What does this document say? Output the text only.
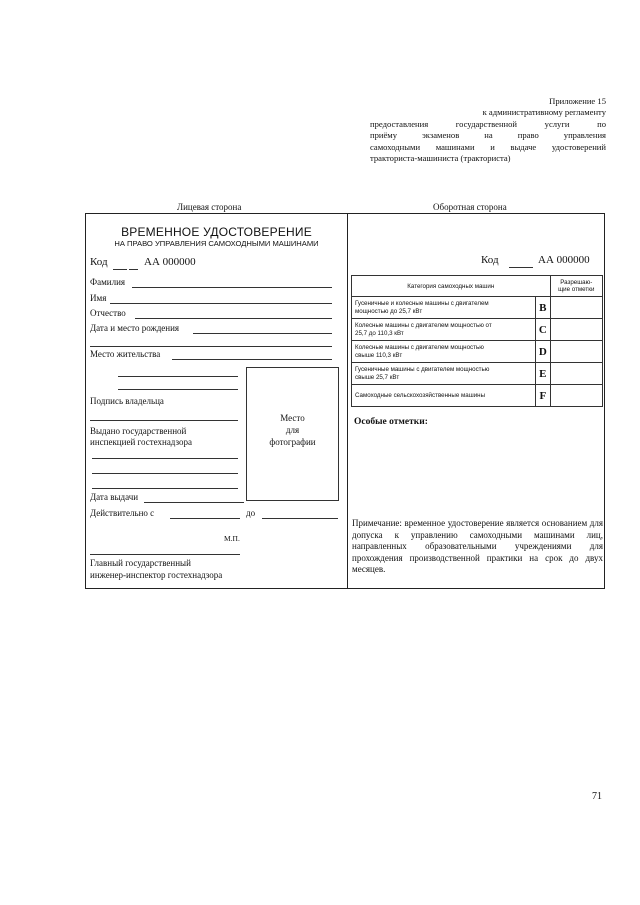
Приложение 15
к административному регламенту
предоставления государственной услуги по
приёму экзаменов на право управления
самоходными машинами и выдаче удостоверений
тракториста-машиниста (тракториста)
Лицевая сторона	Оборотная сторона
ВРЕМЕННОЕ УДОСТОВЕРЕНИЕ
НА ПРАВО УПРАВЛЕНИЯ САМОХОДНЫМИ МАШИНАМИ
Код	АА 000000
Фамилия
Имя
Отчество
Дата и место рождения
Место жительства
Подпись владельца
Выдано государственной
инспекцией гостехнадзора
Место
для
фотографии
Дата выдачи
Действительно с	до
М.П.
Главный государственный
инженер-инспектор гостехнадзора
Код	АА 000000
Категория самоходных машин		Разрешаю-
щие отметки

Гусеничные и колесные машины с двигателем
мощностью до 25,7 кВт	B	

Колесные машины с двигателем мощностью от
25,7 до 110,3 кВт	C	

Колесные машины с двигателем мощностью
свыше 110,3 кВт	D	

Гусеничные машины с двигателем мощностью
свыше 25,7 кВт	E	

Самоходные сельскохозяйственные машины	F	
Особые отметки:
Примечание: временное удостоверение является основанием для допуска к управлению самоходными машинами лиц, направленных образовательными учреждениями для прохождения производственной практики на срок до двух месяцев.
71
